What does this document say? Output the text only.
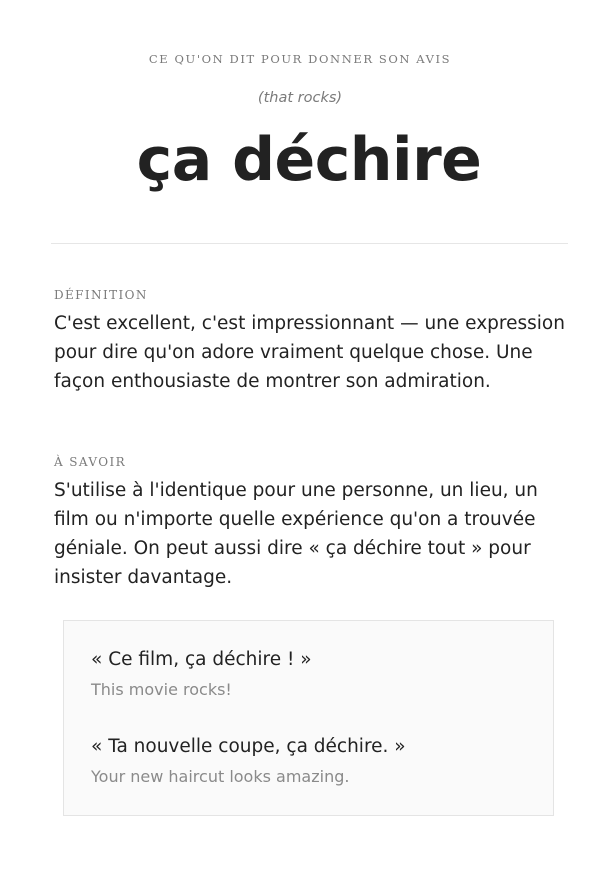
CE QU'ON DIT POUR DONNER SON AVIS
(that rocks)
ça déchire
DÉFINITION
C'est excellent, c'est impressionnant — une expression pour dire qu'on adore vraiment quelque chose. Une façon enthousiaste de montrer son admiration.
À SAVOIR
S'utilise à l'identique pour une personne, un lieu, un film ou n'importe quelle expérience qu'on a trouvée géniale. On peut aussi dire « ça déchire tout » pour insister davantage.
« Ce film, ça déchire ! »
This movie rocks!
« Ta nouvelle coupe, ça déchire. »
Your new haircut looks amazing.
